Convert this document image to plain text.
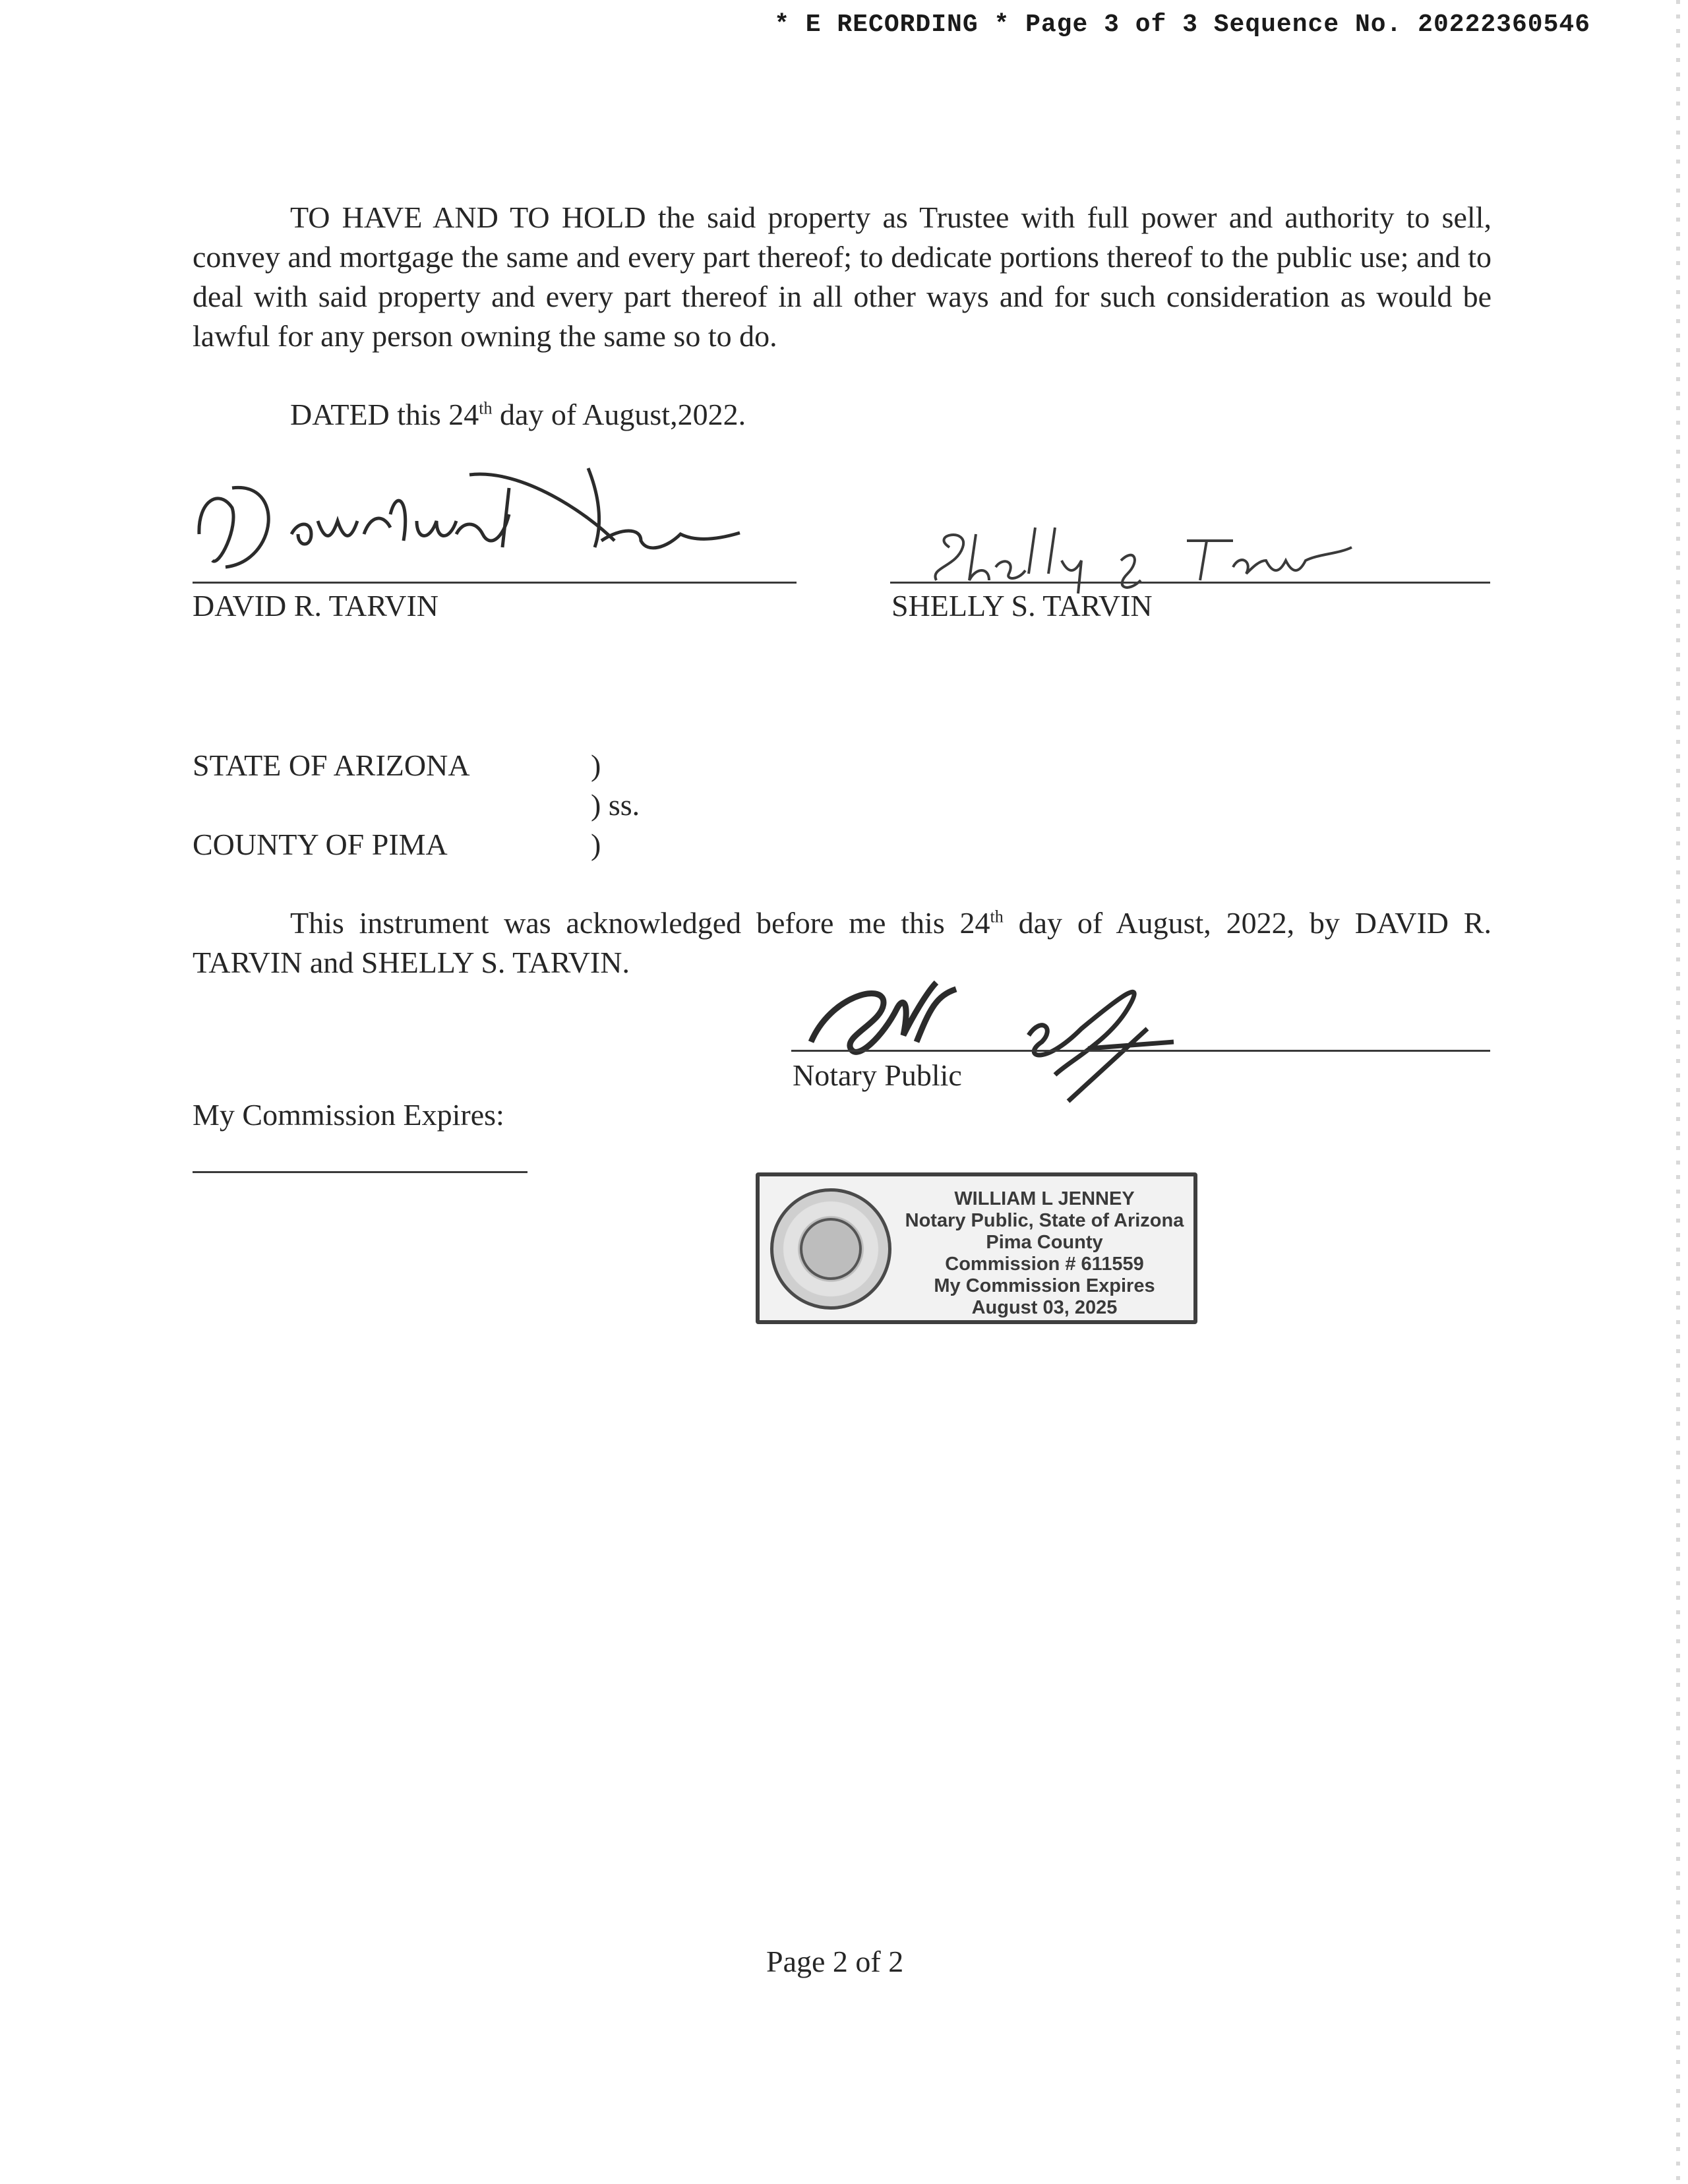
* E RECORDING * Page 3 of 3 Sequence No. 20222360546
TO HAVE AND TO HOLD the said property as Trustee with full power and authority to sell, convey and mortgage the same and every part thereof; to dedicate portions thereof to the public use; and to deal with said property and every part thereof in all other ways and for such consideration as would be lawful for any person owning the same so to do.
DATED this 24th day of August,2022.
DAVID R. TARVIN	SHELLY S. TARVIN
STATE OF ARIZONA	)
) ss.
COUNTY OF PIMA	)
This instrument was acknowledged before me this 24th day of August, 2022, by DAVID R. TARVIN and SHELLY S. TARVIN.
Notary Public
My Commission Expires:
WILLIAM L JENNEY
Notary Public, State of Arizona
Pima County
Commission # 611559
My Commission Expires
August 03, 2025
Page 2 of 2
